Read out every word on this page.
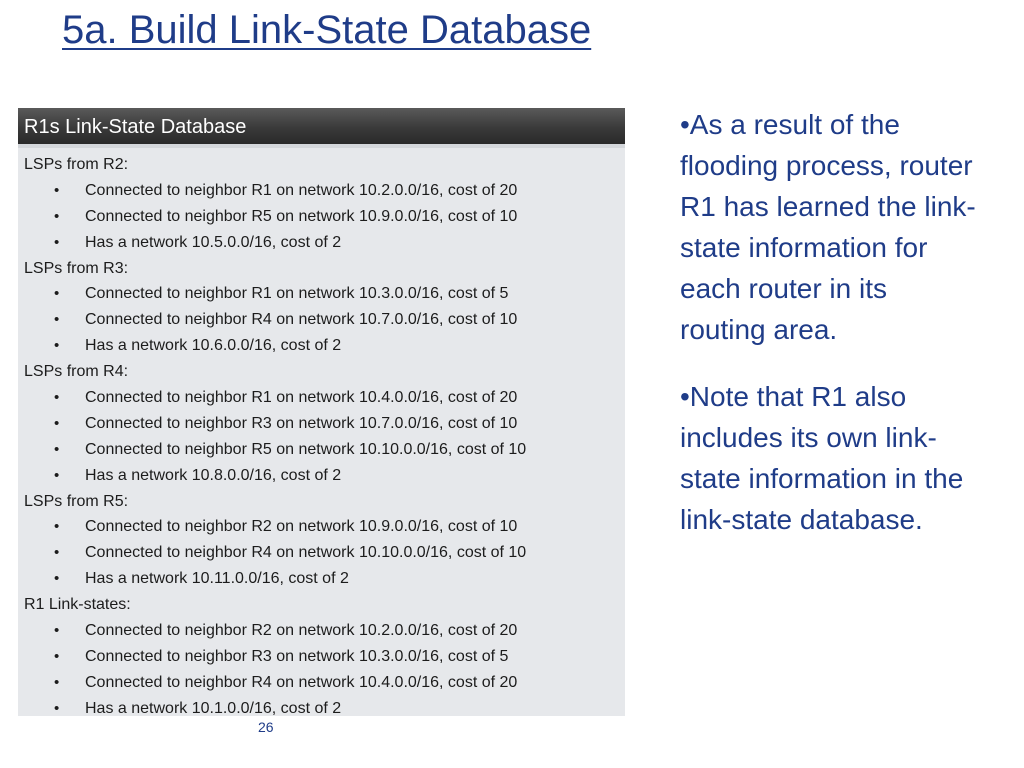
5a. Build Link-State Database
R1s Link-State Database
LSPs from R2:
• Connected to neighbor R1 on network 10.2.0.0/16, cost of 20
• Connected to neighbor R5 on network 10.9.0.0/16, cost of 10
• Has a network 10.5.0.0/16, cost of 2
LSPs from R3:
• Connected to neighbor R1 on network 10.3.0.0/16, cost of 5
• Connected to neighbor R4 on network 10.7.0.0/16, cost of 10
• Has a network 10.6.0.0/16, cost of 2
LSPs from R4:
• Connected to neighbor R1 on network 10.4.0.0/16, cost of 20
• Connected to neighbor R3 on network 10.7.0.0/16, cost of 10
• Connected to neighbor R5 on network 10.10.0.0/16, cost of 10
• Has a network 10.8.0.0/16, cost of 2
LSPs from R5:
• Connected to neighbor R2 on network 10.9.0.0/16, cost of 10
• Connected to neighbor R4 on network 10.10.0.0/16, cost of 10
• Has a network 10.11.0.0/16, cost of 2
R1 Link-states:
• Connected to neighbor R2 on network 10.2.0.0/16, cost of 20
• Connected to neighbor R3 on network 10.3.0.0/16, cost of 5
• Connected to neighbor R4 on network 10.4.0.0/16, cost of 20
• Has a network 10.1.0.0/16, cost of 2

•As a result of the flooding process, router R1 has learned the link-state information for each router in its routing area.

•Note that R1 also includes its own link-state information in the link-state database.

26
